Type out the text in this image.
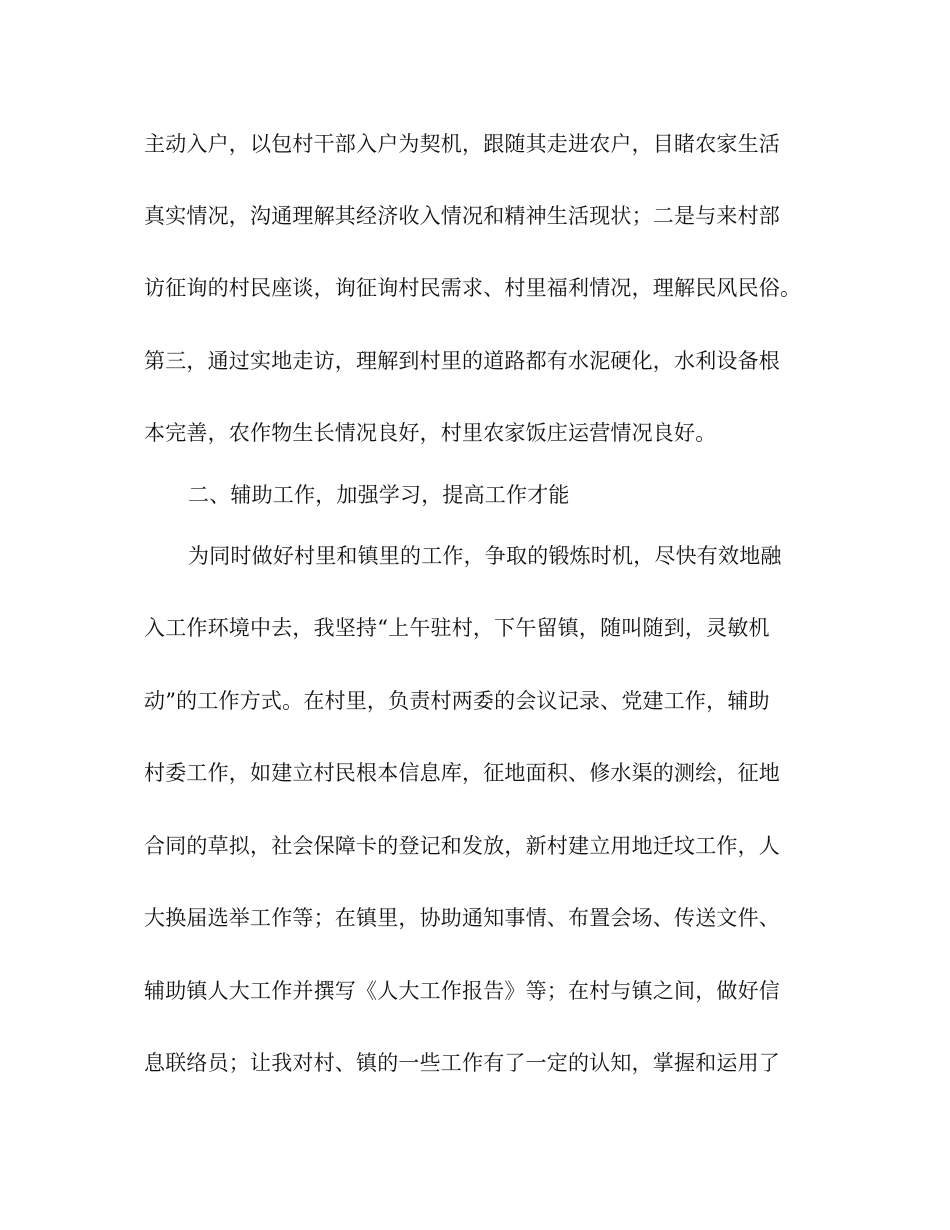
主动入户，以包村干部入户为契机，跟随其走进农户，目睹农家生活
真实情况，沟通理解其经济收入情况和精神生活现状；二是与来村部
访征询的村民座谈，询征询村民需求、村里福利情况，理解民风民俗。
第三，通过实地走访，理解到村里的道路都有水泥硬化，水利设备根
本完善，农作物生长情况良好，村里农家饭庄运营情况良好。
二、辅助工作，加强学习，提高工作才能
为同时做好村里和镇里的工作，争取的锻炼时机，尽快有效地融
入工作环境中去，我坚持“上午驻村，下午留镇，随叫随到，灵敏机
动”的工作方式。在村里，负责村两委的会议记录、党建工作，辅助
村委工作，如建立村民根本信息库，征地面积、修水渠的测绘，征地
合同的草拟，社会保障卡的登记和发放，新村建立用地迁坟工作，人
大换届选举工作等；在镇里，协助通知事情、布置会场、传送文件、
辅助镇人大工作并撰写《人大工作报告》等；在村与镇之间，做好信
息联络员；让我对村、镇的一些工作有了一定的认知，掌握和运用了
